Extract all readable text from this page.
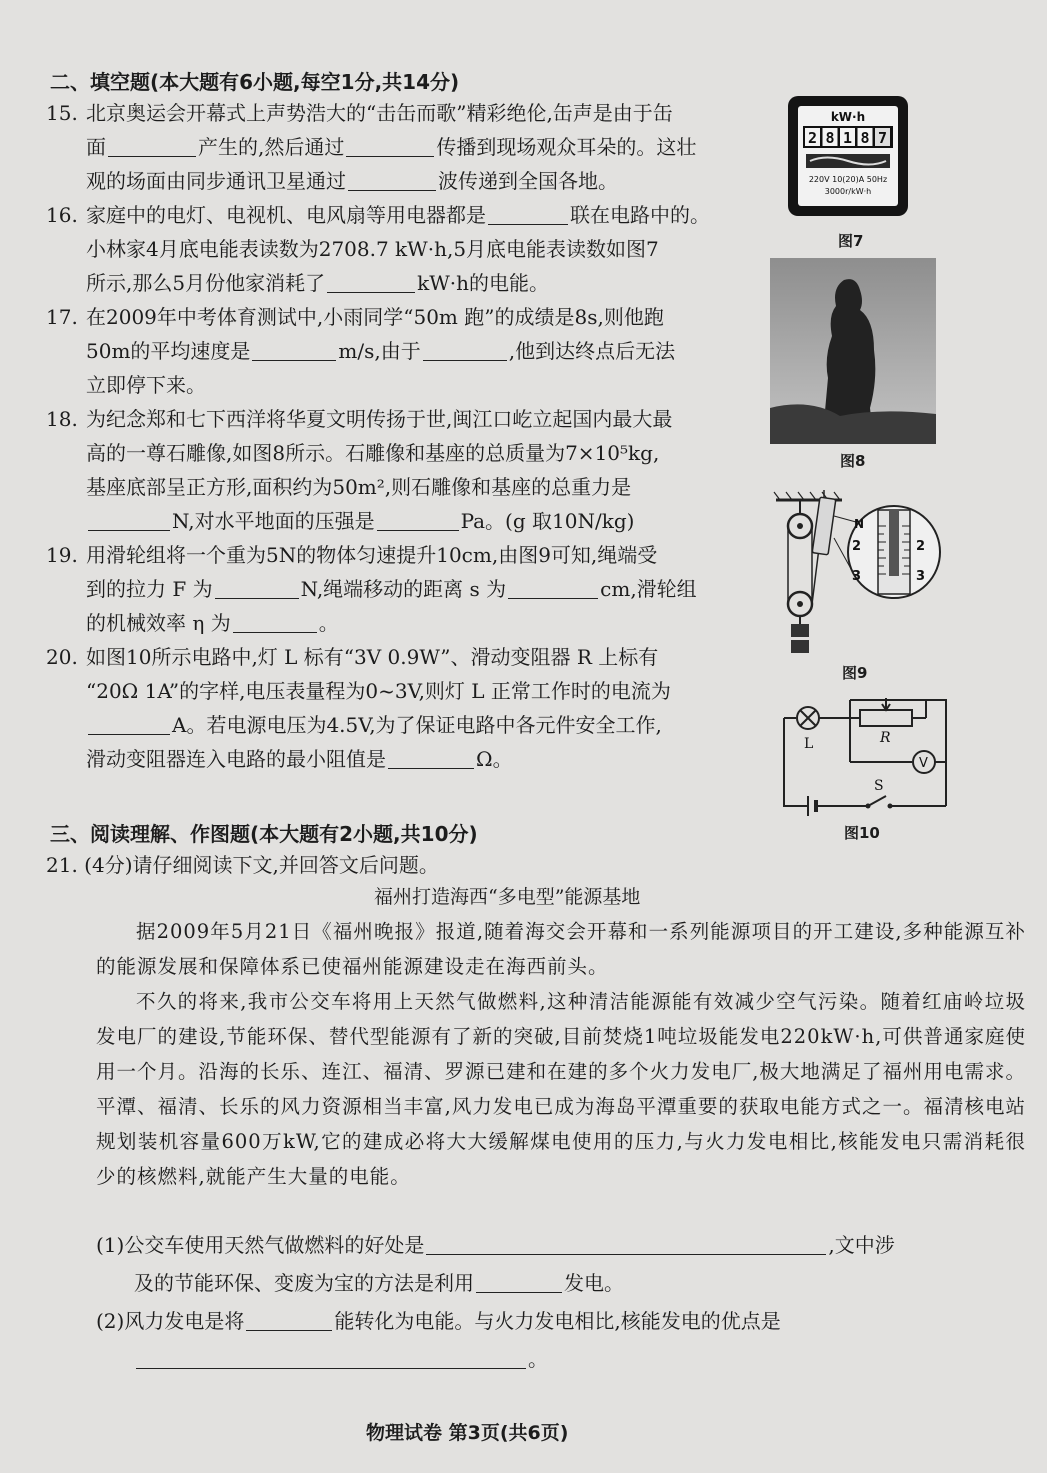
二、填空题(本大题有6小题,每空1分,共14分)
15. 北京奥运会开幕式上声势浩大的“击缶而歌”精彩绝伦,缶声是由于缶
面	产生的,然后通过	传播到现场观众耳朵的。这壮
观的场面由同步通讯卫星通过	波传递到全国各地。
16. 家庭中的电灯、电视机、电风扇等用电器都是	联在电路中的。
小林家4月底电能表读数为2708.7 kW·h,5月底电能表读数如图7
所示,那么5月份他家消耗了	kW·h的电能。
17. 在2009年中考体育测试中,小雨同学“50m 跑”的成绩是8s,则他跑
50m的平均速度是	m/s,由于	,他到达终点后无法
立即停下来。
18. 为纪念郑和七下西洋将华夏文明传扬于世,闽江口屹立起国内最大最
高的一尊石雕像,如图8所示。石雕像和基座的总质量为7×10⁵kg,
基座底部呈正方形,面积约为50m²,则石雕像和基座的总重力是
N,对水平地面的压强是	Pa。(g 取10N/kg)
19. 用滑轮组将一个重为5N的物体匀速提升10cm,由图9可知,绳端受
到的拉力 F 为	N,绳端移动的距离 s 为	cm,滑轮组
的机械效率 η 为	。
20. 如图10所示电路中,灯 L 标有“3V 0.9W”、滑动变阻器 R 上标有
“20Ω 1A”的字样,电压表量程为0~3V,则灯 L 正常工作时的电流为
A。若电源电压为4.5V,为了保证电路中各元件安全工作,
滑动变阻器连入电路的最小阻值是	Ω。
kW·h
2 8 1 8 7
220V 10(20)A 50Hz
3000r/kW·h
图7
图8
N
2
3
2
3
图9
L	R
V
S
图10
三、阅读理解、作图题(本大题有2小题,共10分)
21. (4分)请仔细阅读下文,并回答文后问题。
福州打造海西“多电型”能源基地

据2009年5月21日《福州晚报》报道,随着海交会开幕和一系列能源项目的开工建设,多种能源互补的能源发展和保障体系已使福州能源建设走在海西前头。

不久的将来,我市公交车将用上天然气做燃料,这种清洁能源能有效减少空气污染。随着红庙岭垃圾发电厂的建设,节能环保、替代型能源有了新的突破,目前焚烧1吨垃圾能发电220kW·h,可供普通家庭使用一个月。沿海的长乐、连江、福清、罗源已建和在建的多个火力发电厂,极大地满足了福州用电需求。平潭、福清、长乐的风力资源相当丰富,风力发电已成为海岛平潭重要的获取电能方式之一。福清核电站规划装机容量600万kW,它的建成必将大大缓解煤电使用的压力,与火力发电相比,核能发电只需消耗很少的核燃料,就能产生大量的电能。

(1)公交车使用天然气做燃料的好处是	,文中涉
及的节能环保、变废为宝的方法是利用	发电。
(2)风力发电是将	能转化为电能。与火力发电相比,核能发电的优点是
。
物理试卷 第3页(共6页)
